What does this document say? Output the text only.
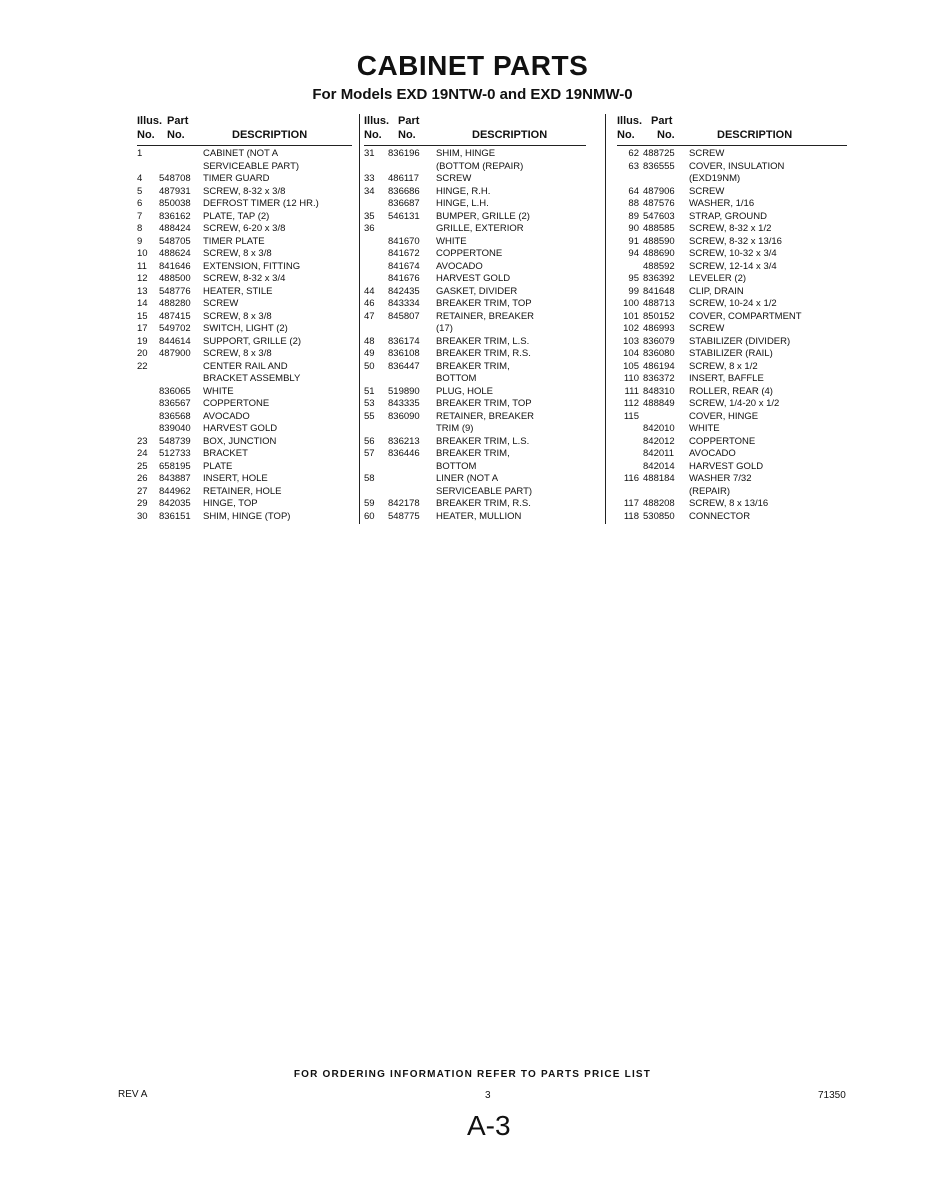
CABINET PARTS
For Models EXD 19NTW-0 and EXD 19NMW-0
Illus. Part
No. No.	DESCRIPTION
1	CABINET (NOT A
SERVICEABLE PART)
4	548708	TIMER GUARD
5	487931	SCREW, 8-32 x 3/8
6	850038	DEFROST TIMER (12 HR.)
7	836162	PLATE, TAP (2)
8	488424	SCREW, 6-20 x 3/8
9	548705	TIMER PLATE
10	488624	SCREW, 8 x 3/8
11	841646	EXTENSION, FITTING
12	488500	SCREW, 8-32 x 3/4
13	548776	HEATER, STILE
14	488280	SCREW
15	487415	SCREW, 8 x 3/8
17	549702	SWITCH, LIGHT (2)
19	844614	SUPPORT, GRILLE (2)
20	487900	SCREW, 8 x 3/8
22	CENTER RAIL AND
BRACKET ASSEMBLY
836065	WHITE
836567	COPPERTONE
836568	AVOCADO
839040	HARVEST GOLD
23	548739	BOX, JUNCTION
24	512733	BRACKET
25	658195	PLATE
26	843887	INSERT, HOLE
27	844962	RETAINER, HOLE
29	842035	HINGE, TOP
30	836151	SHIM, HINGE (TOP)
Illus. Part
No. No.	DESCRIPTION
31	836196	SHIM, HINGE
(BOTTOM (REPAIR)
33	486117	SCREW
34	836686	HINGE, R.H.
836687	HINGE, L.H.
35	546131	BUMPER, GRILLE (2)
36	GRILLE, EXTERIOR
841670	WHITE
841672	COPPERTONE
841674	AVOCADO
841676	HARVEST GOLD
44	842435	GASKET, DIVIDER
46	843334	BREAKER TRIM, TOP
47	845807	RETAINER, BREAKER
(17)
48	836174	BREAKER TRIM, L.S.
49	836108	BREAKER TRIM, R.S.
50	836447	BREAKER TRIM,
BOTTOM
51	519890	PLUG, HOLE
53	843335	BREAKER TRIM, TOP
55	836090	RETAINER, BREAKER
TRIM (9)
56	836213	BREAKER TRIM, L.S.
57	836446	BREAKER TRIM,
BOTTOM
58	LINER (NOT A
SERVICEABLE PART)
59	842178	BREAKER TRIM, R.S.
60	548775	HEATER, MULLION
Illus. Part
No. No.	DESCRIPTION
62 488725	SCREW
63 836555	COVER, INSULATION
(EXD19NM)
64 487906	SCREW
88 487576	WASHER, 1/16
89 547603	STRAP, GROUND
90 488585	SCREW, 8-32 x 1/2
91 488590	SCREW, 8-32 x 13/16
94 488690	SCREW, 10-32 x 3/4
488592	SCREW, 12-14 x 3/4
95 836392	LEVELER (2)
99 841648	CLIP, DRAIN
100 488713	SCREW, 10-24 x 1/2
101 850152	COVER, COMPARTMENT
102 486993	SCREW
103 836079	STABILIZER (DIVIDER)
104 836080	STABILIZER (RAIL)
105 486194	SCREW, 8 x 1/2
110 836372	INSERT, BAFFLE
111 848310	ROLLER, REAR (4)
112 488849	SCREW, 1/4-20 x 1/2
115	COVER, HINGE
842010	WHITE
842012	COPPERTONE
842011	AVOCADO
842014	HARVEST GOLD
116 488184	WASHER 7/32
(REPAIR)
117 488208	SCREW, 8 x 13/16
118 530850	CONNECTOR
FOR ORDERING INFORMATION REFER TO PARTS PRICE LIST
REV A	3	71350
A-3
